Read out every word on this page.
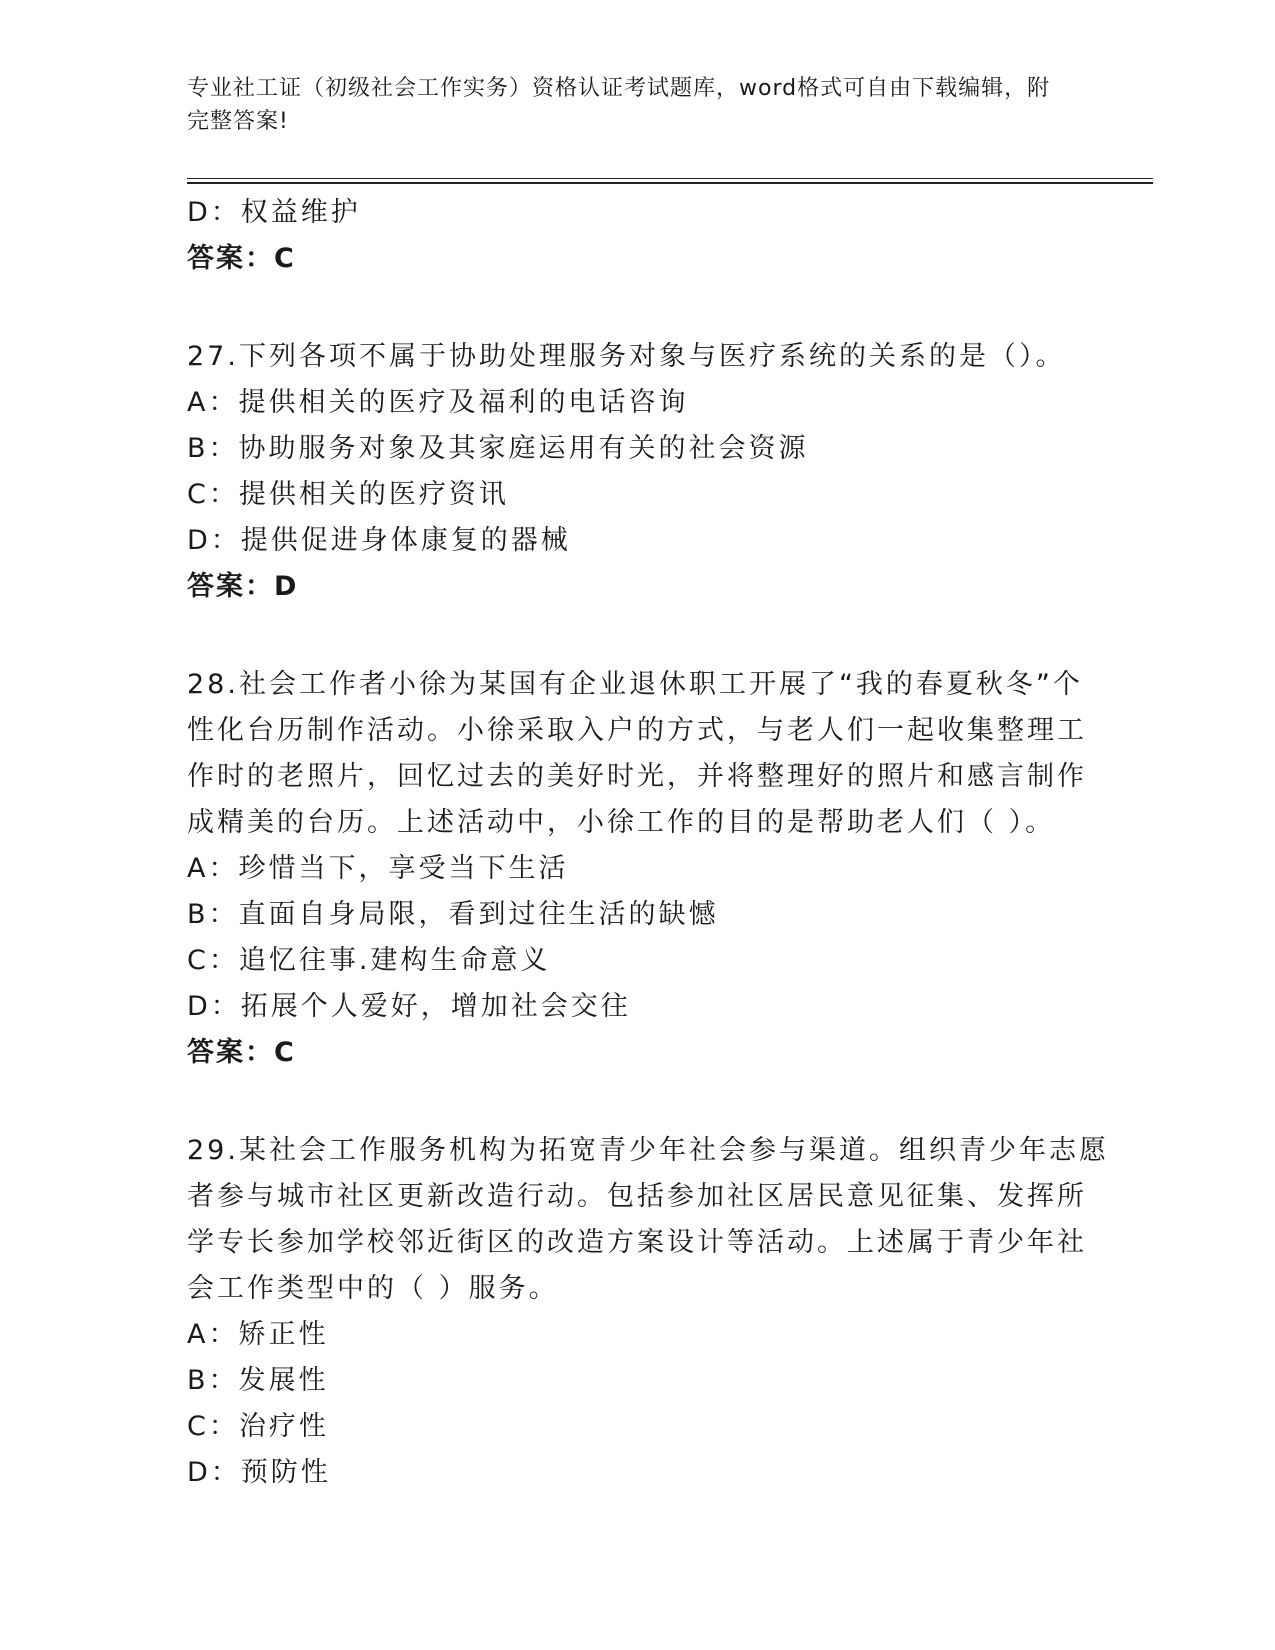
专业社工证（初级社会工作实务）资格认证考试题库，word格式可自由下载编辑，附完整答案!
D：权益维护
答案：C
27.下列各项不属于协助处理服务对象与医疗系统的关系的是（）。
A：提供相关的医疗及福利的电话咨询
B：协助服务对象及其家庭运用有关的社会资源
C：提供相关的医疗资讯
D：提供促进身体康复的器械
答案：D
28.社会工作者小徐为某国有企业退休职工开展了“我的春夏秋冬”个
性化台历制作活动。小徐采取入户的方式，与老人们一起收集整理工
作时的老照片，回忆过去的美好时光，并将整理好的照片和感言制作
成精美的台历。上述活动中，小徐工作的目的是帮助老人们（ ）。
A：珍惜当下，享受当下生活
B：直面自身局限，看到过往生活的缺憾
C：追忆往事.建构生命意义
D：拓展个人爱好，增加社会交往
答案：C
29.某社会工作服务机构为拓宽青少年社会参与渠道。组织青少年志愿
者参与城市社区更新改造行动。包括参加社区居民意见征集、发挥所
学专长参加学校邻近街区的改造方案设计等活动。上述属于青少年社
会工作类型中的（ ）服务。
A：矫正性
B：发展性
C：治疗性
D：预防性
